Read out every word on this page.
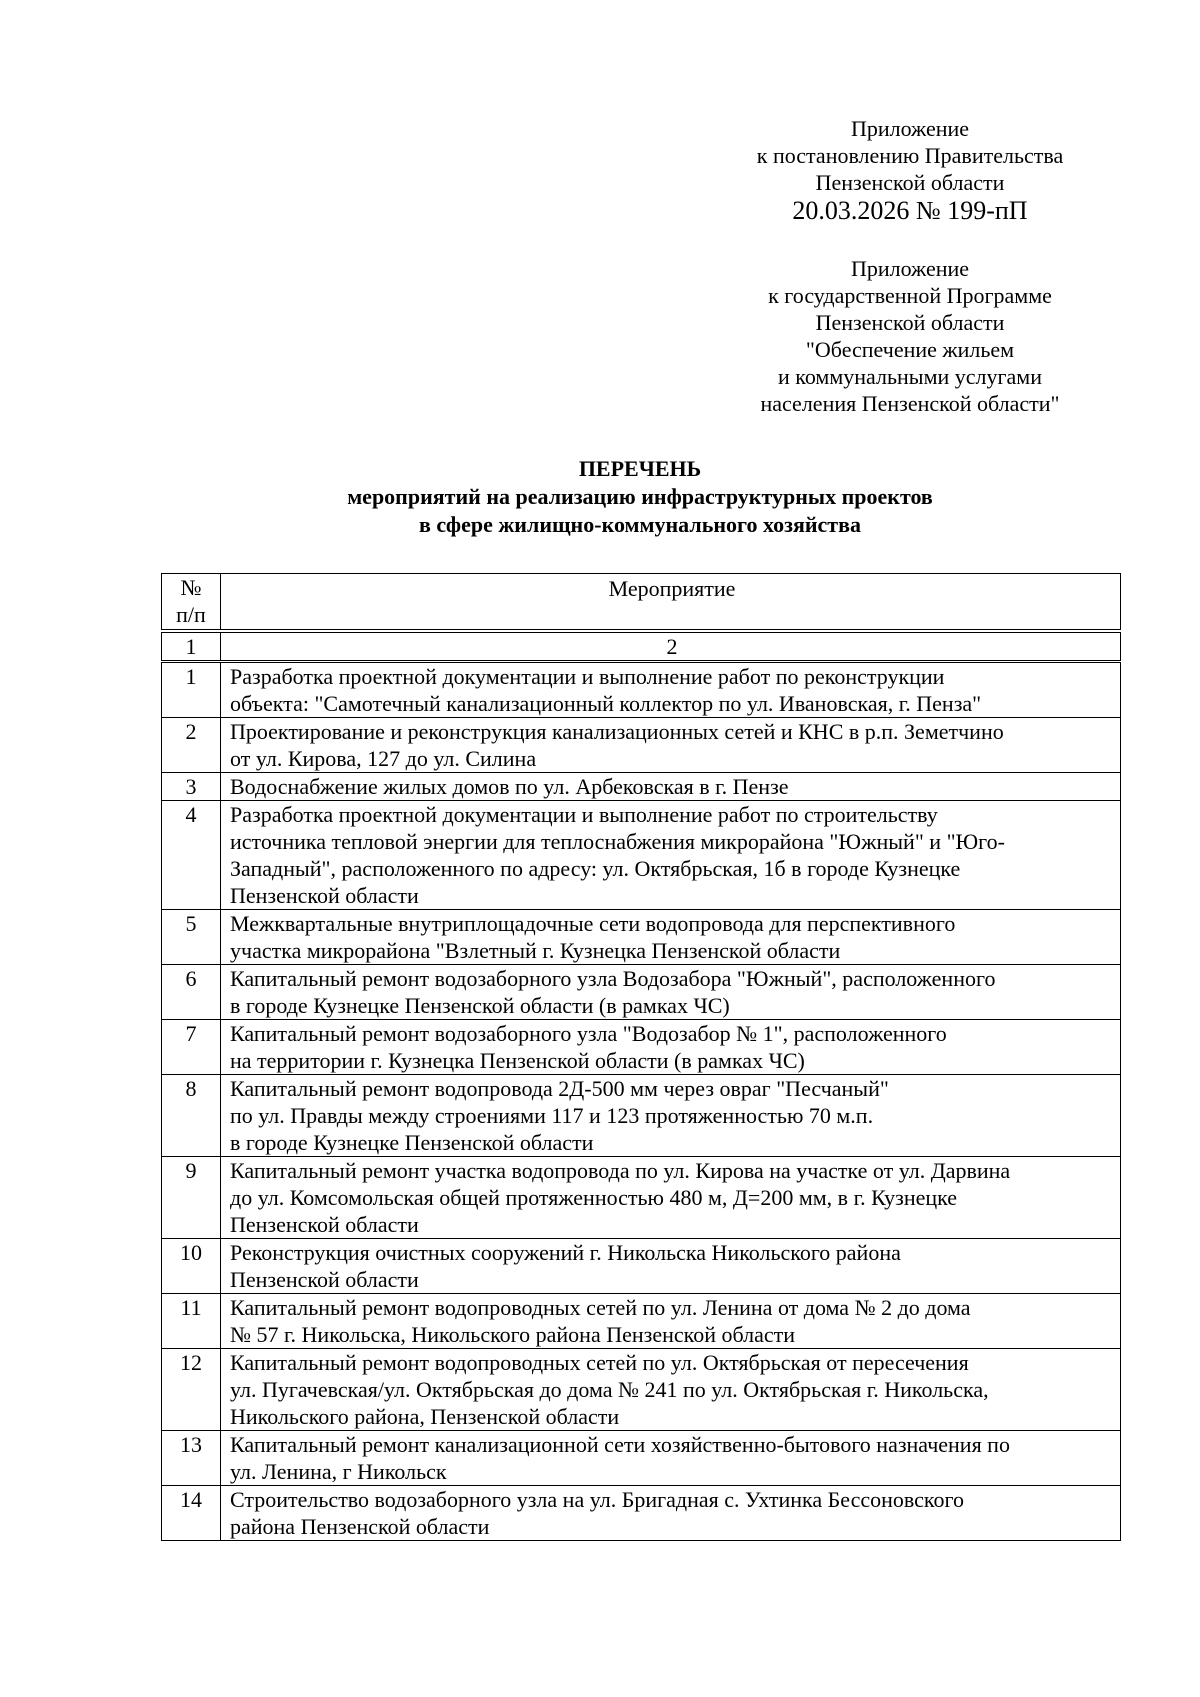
Приложение
к постановлению Правительства
Пензенской области
20.03.2026 № 199-пП
Приложение
к государственной Программе
Пензенской области
"Обеспечение жильем
и коммунальными услугами
населения Пензенской области"
ПЕРЕЧЕНЬ
мероприятий на реализацию инфраструктурных проектов
в сфере жилищно-коммунального хозяйства
№
п/п
	Мероприятие
1	2
1	Разработка проектной документации и выполнение работ по реконструкции
объекта: "Самотечный канализационный коллектор по ул. Ивановская, г. Пенза"

2	Проектирование и реконструкция канализационных сетей и КНС в р.п. Земетчино
от ул. Кирова, 127 до ул. Силина

3	Водоснабжение жилых домов по ул. Арбековская в г. Пензе

4	Разработка проектной документации и выполнение работ по строительству
источника тепловой энергии для теплоснабжения микрорайона "Южный" и "Юго-
Западный", расположенного по адресу: ул. Октябрьская, 1б в городе Кузнецке
Пензенской области

5	Межквартальные внутриплощадочные сети водопровода для перспективного
участка микрорайона "Взлетный г. Кузнецка Пензенской области

6	Капитальный ремонт водозаборного узла Водозабора "Южный", расположенного
в городе Кузнецке Пензенской области (в рамках ЧС)

7	Капитальный ремонт водозаборного узла "Водозабор № 1", расположенного
на территории г. Кузнецка Пензенской области (в рамках ЧС)

8	Капитальный ремонт водопровода 2Д-500 мм через овраг "Песчаный"
по ул. Правды между строениями 117 и 123 протяженностью 70 м.п.
в городе Кузнецке Пензенской области

9	Капитальный ремонт участка водопровода по ул. Кирова на участке от ул. Дарвина
до ул. Комсомольская общей протяженностью 480 м, Д=200 мм, в г. Кузнецке
Пензенской области

10	Реконструкция очистных сооружений г. Никольска Никольского района
Пензенской области

11	Капитальный ремонт водопроводных сетей по ул. Ленина от дома № 2 до дома
№ 57 г. Никольска, Никольского района Пензенской области

12	Капитальный ремонт водопроводных сетей по ул. Октябрьская от пересечения
ул. Пугачевская/ул. Октябрьская до дома № 241 по ул. Октябрьская г. Никольска,
Никольского района, Пензенской области

13	Капитальный ремонт канализационной сети хозяйственно-бытового назначения по
ул. Ленина, г Никольск

14	Строительство водозаборного узла на ул. Бригадная с. Ухтинка Бессоновского
района Пензенской области
